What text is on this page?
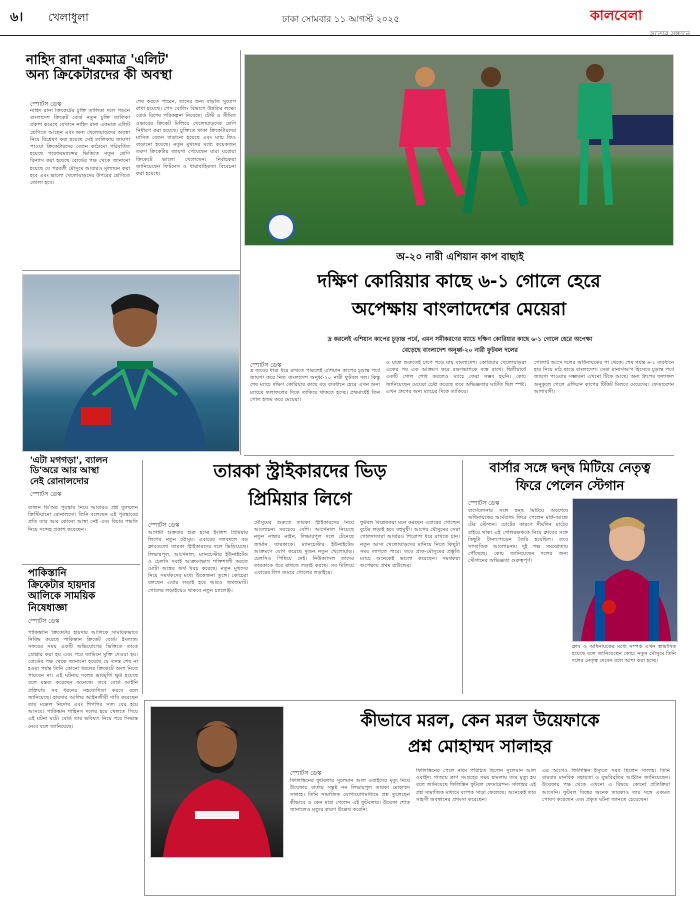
৬। খেলাধুলা	ঢাকা সোমবার ১১ আগস্ট ২০২৫	কালবেলা
সত্যের সন্ধানে
নাহিদ রানা একমাত্র 'এলিট'
অন্য ক্রিকেটারদের কী অবস্থা
স্পোর্টস ডেস্ক
নাহিদ রানা ক্রিকেটের চুক্তি তালিকা দলে গড়নে বাংলাদেশ ক্রিকেট বোর্ড নতুন চুক্তি তালিকা প্রকাশ করেছে যেখানে নাহিদ রানা একমাত্র এলিট শ্রেণিতে আছেন এবং অন্য খেলোয়াড়দের অবস্থা নিয়ে বিশ্লেষণ করা হয়েছে সেই তালিকায় জায়গা পাওয়া ক্রিকেটারদের বেতন কাঠামো পরিবর্তিত হয়েছে পারফরম্যান্সের ভিত্তিতে নতুন শ্রেণি বিন্যাস করা হয়েছে বোর্ডের পক্ষ থেকে জানানো হয়েছে যে পরবর্তী মৌসুমে আবারও মূল্যায়ন করা হবে এবং ভালো খেলোয়াড়দের উপরের শ্রেণিতে তোলা হবে।
শেষ করতে পারেন, তাদের জন্য বাড়তি সুযোগ রাখা হয়েছে। পেস বোলিং বিভাগে উন্নতির লক্ষ্যে বোর্ড বিশেষ পরিকল্পনা নিয়েছে। টেস্ট ও সীমিত ওভারের ক্রিকেট মিলিয়ে খেলোয়াড়দের শ্রেণি নির্ধারণ করা হয়েছে। চুক্তিতে থাকা ক্রিকেটারদের মাসিক বেতন বাড়ানো হয়েছে এবং ম্যাচ ফিও বাড়ানো হয়েছে। নতুন মুখদের মধ্যে কয়েকজন তরুণ ক্রিকেটার জায়গা পেয়েছেন যারা ঘরোয়া ক্রিকেটে ভালো খেলেছেন। নির্বাচকরা জানিয়েছেন ফিটনেস ও ধারাবাহিকতা বিবেচনা করা হয়েছে।
'এটা মগগড়া', ব্যালন
ডি'অরে আর আস্থা
নেই রোনালদোর
স্পোর্টস ডেস্ক
ব্যালন ডি'অর পুরস্কার নিয়ে আবারও প্রশ্ন তুললেন ক্রিস্টিয়ানো রোনালদো। তিনি বলেছেন এই পুরস্কারের প্রতি তার আর কোনো আস্থা নেই এবং বিচার পদ্ধতি নিয়ে সন্দেহ প্রকাশ করেছেন।
পাকিস্তানি
ক্রিকেটার হায়দার
আলিকে সাময়িক
নিষেধাজ্ঞা
স্পোর্টস ডেস্ক
পাকিস্তানি ক্রিকেটার হায়দার আলিকে সাময়িকভাবে নিষিদ্ধ করেছে পাকিস্তান ক্রিকেট বোর্ড। ইংল্যান্ড সফরের সময় একটি অভিযোগের ভিত্তিতে তাকে গ্রেপ্তার করা হয় এবং পরে জামিনে মুক্তি দেওয়া হয়। বোর্ডের পক্ষ থেকে জানানো হয়েছে যে তদন্ত শেষ না হওয়া পর্যন্ত তিনি কোনো ধরনের ক্রিকেটে অংশ নিতে পারবেন না। এই ঘটনায় দলের ভাবমূর্তি ক্ষুণ্ণ হয়েছে বলে মন্তব্য করেছেন অনেকে। তবে বোর্ড আইনি প্রক্রিয়ায় সব ধরনের সহযোগিতা করবে বলে জানিয়েছে। হায়দার আলির আইনজীবী দাবি করেছেন তার মক্কেল নির্দোষ এবং শিগগির সত্য বের হয়ে আসবে। পাকিস্তান শাহিনস দলের হয়ে খেলতে গিয়ে এই ঘটনা ঘটে। বোর্ড তার ভবিষ্যৎ নিয়ে পরে সিদ্ধান্ত নেবে বলে জানিয়েছে।
অ-২০ নারী এশিয়ান কাপ বাছাই
দক্ষিণ কোরিয়ার কাছে ৬-১ গোলে হেরে
অপেক্ষায় বাংলাদেশের মেয়েরা
দ্র করলেই এশিয়ান কাপের চূড়ান্ত পর্বে, এমন সমীকরণের ম্যাচে দক্ষিণ কোরিয়ার কাছে ৬-১ গোলে হেরে অপেক্ষা
বেড়েছে বাংলাদেশ অনূর্ধ্ব-২০ নারী ফুটবল দলের
স্পোর্টস ডেস্ক
দ্র জয়ের ধারা ধরে রাখতে পারলেই এশিয়ান কাপের চূড়ান্ত পর্বে জায়গা করে নিত বাংলাদেশ অনূর্ধ্ব-২০ নারী ফুটবল দল। কিন্তু শেষ ম্যাচে দক্ষিণ কোরিয়ার কাছে বড় ব্যবধানে হেরে এখন অন্য ম্যাচের ফলাফলের দিকে তাকিয়ে থাকতে হচ্ছে। প্রথমার্ধেই তিন গোল হজম করে মেয়েরা।
ও যাত্রা শুরুতেই চাপে পড়ে যায় বাংলাদেশ। কোরিয়ার খেলোয়াড়রা একের পর এক আক্রমণ করে রক্ষণভাগকে ব্যস্ত রাখে। দ্বিতীয়ার্ধে একটি গোল শোধ করলেও ম্যাচে ফেরা সম্ভব হয়নি। কোচ জানিয়েছেন মেয়েরা চেষ্টা করেছে তবে অভিজ্ঞতার ঘাটতি ছিল স্পষ্ট। এখন গ্রুপের অন্য ম্যাচের দিকে তাকিয়ে।
গোলটি আসে দলের অধিনায়কের পা থেকে। শেষ পর্যন্ত ৬-১ ব্যবধানে হার নিয়ে মাঠ ছাড়ে বাংলাদেশ। সেরা রানার্সআপ হিসেবে চূড়ান্ত পর্বে জায়গা পাওয়ার সম্ভাবনা এখনো টিকে আছে। অন্য গ্রুপের ফলাফল অনুকূলে গেলে এশিয়ান কাপের টিকিট মিলবে মেয়েদের। ফেডারেশন আশাবাদী।
তারকা স্ট্রাইকারদের ভিড়
প্রিমিয়ার লিগে
স্পোর্টস ডেস্ক
আগামী শুক্রবার শুরু হচ্ছে ইংলিশ প্রিমিয়ার লিগের নতুন মৌসুম। এবারের দলবদলে বড় ক্লাবগুলো তারকা স্ট্রাইকারদের দলে ভিড়িয়েছে। লিভারপুল, আর্সেনাল, ম্যানচেস্টার ইউনাইটেড ও চেলসি সবাই আক্রমণভাগ শক্তিশালী করতে মোটা অঙ্কের অর্থ খরচ করেছে। নতুন মুখদের নিয়ে সমর্থকদের মধ্যে উত্তেজনা তুঙ্গে। কোচেরা বলছেন এবার লড়াই হবে আরও জমজমাট। গোলের লড়াইয়েও থাকবে নতুন চ্যালেঞ্জ।
মৌসুমের শুরুতে তারকা স্ট্রাইকারদের নিয়ে আলোচনা সবচেয়ে বেশি। আর্সেনাল নিয়েছে নতুন নাম্বার নাইন, লিভারপুল দলে টেনেছে জার্মান তারকাকে। ম্যানচেস্টার ইউনাইটেড আক্রমণে যোগ করেছে দুজন নতুন খেলোয়াড়। চেলসিও পিছিয়ে নেই। নিউক্যাসল তাদের তারকাকে ধরে রাখতে লড়াই করছে। সব মিলিয়ে এবারের লিগ জমবে গোলের লড়াইয়ে।
ফুটবল বিশ্লেষকরা মনে করছেন এবারের গোল্ডেন বুটের লড়াই হবে বহুমুখী। আগের মৌসুমের সেরা গোলদাতারা আবারও শিরোপা ধরে রাখতে চান। নতুন আসা খেলোয়াড়দের মানিয়ে নিতে কিছুটা সময় লাগতে পারে। তবে প্রাক-মৌসুমের প্রস্তুতি ম্যাচে অনেকেই ভালো করেছেন। সমর্থকরা অপেক্ষায় প্রথম রাউন্ডের।
বার্সার সঙ্গে দ্বন্দ্ব মিটিয়ে নেতৃত্ব
ফিরে পেলেন স্টেগান
স্পোর্টস ডেস্ক
বার্সেলোনার সঙ্গে দ্বন্দ্ব মিটিয়ে অবশেষে অধিনায়কের আর্মব্যান্ড ফিরে পেলেন মার্ক-আন্দ্রে টের স্টেগান। চোটের কারণে দীর্ঘদিন মাঠের বাইরে থাকা এই গোলরক্ষককে নিয়ে ক্লাবের সঙ্গে কিছুটা টানাপোড়েন তৈরি হয়েছিল। তবে সাম্প্রতিক আলোচনায় দুই পক্ষ সমঝোতায় পৌঁছেছে। কোচ জানিয়েছেন দলের জন্য স্টেগানের অভিজ্ঞতা গুরুত্বপূর্ণ।
ক্লাব ও অধিনায়কের মধ্যে সম্পর্ক এখন স্বাভাবিক হয়েছে বলে জানিয়েছেন কোচ। নতুন মৌসুমে তিনি দলের নেতৃত্ব দেবেন বলে আশা করা হচ্ছে।
কীভাবে মরল, কেন মরল উয়েফাকে
প্রশ্ন মোহাম্মদ সালাহর
স্পোর্টস ডেস্ক
ফিলিস্তিনের ফুটবলার সুলেমান আল ওবাইদের মৃত্যু নিয়ে উয়েফার বার্তায় সন্তুষ্ট নন লিভারপুল তারকা মোহাম্মদ সালাহ। তিনি সামাজিক যোগাযোগমাধ্যমে প্রশ্ন তুলেছেন কীভাবে ও কেন মারা গেলেন এই ফুটবলার। উয়েফা শোক জানালেও মৃত্যুর কারণ উল্লেখ করেনি।
ফিলিস্তিনের পেলে নামে পরিচিত ছিলেন সুলেমান আল ওবাইদ। গাজায় ত্রাণ সংগ্রহের সময় হামলায় তার মৃত্যু হয় বলে জানিয়েছে ফিলিস্তিন ফুটবল ফেডারেশন। সালাহর এই প্রশ্ন সামাজিক মাধ্যমে ব্যাপক সাড়া ফেলেছে। অনেকেই তার সাহসী অবস্থানের প্রশংসা করেছেন।
এর আগেও ফিলিস্তিন ইস্যুতে সরব ছিলেন সালাহ। তিনি বারবার মানবিক সহায়তা ও যুদ্ধবিরতির আহ্বান জানিয়েছেন। উয়েফার পক্ষ থেকে এখনো এ বিষয়ে কোনো প্রতিক্রিয়া আসেনি। ফুটবল বিশ্বের অনেক তারকাও তার সঙ্গে একমত পোষণ করেছেন এবং প্রকৃত ঘটনা জানতে চেয়েছেন।
